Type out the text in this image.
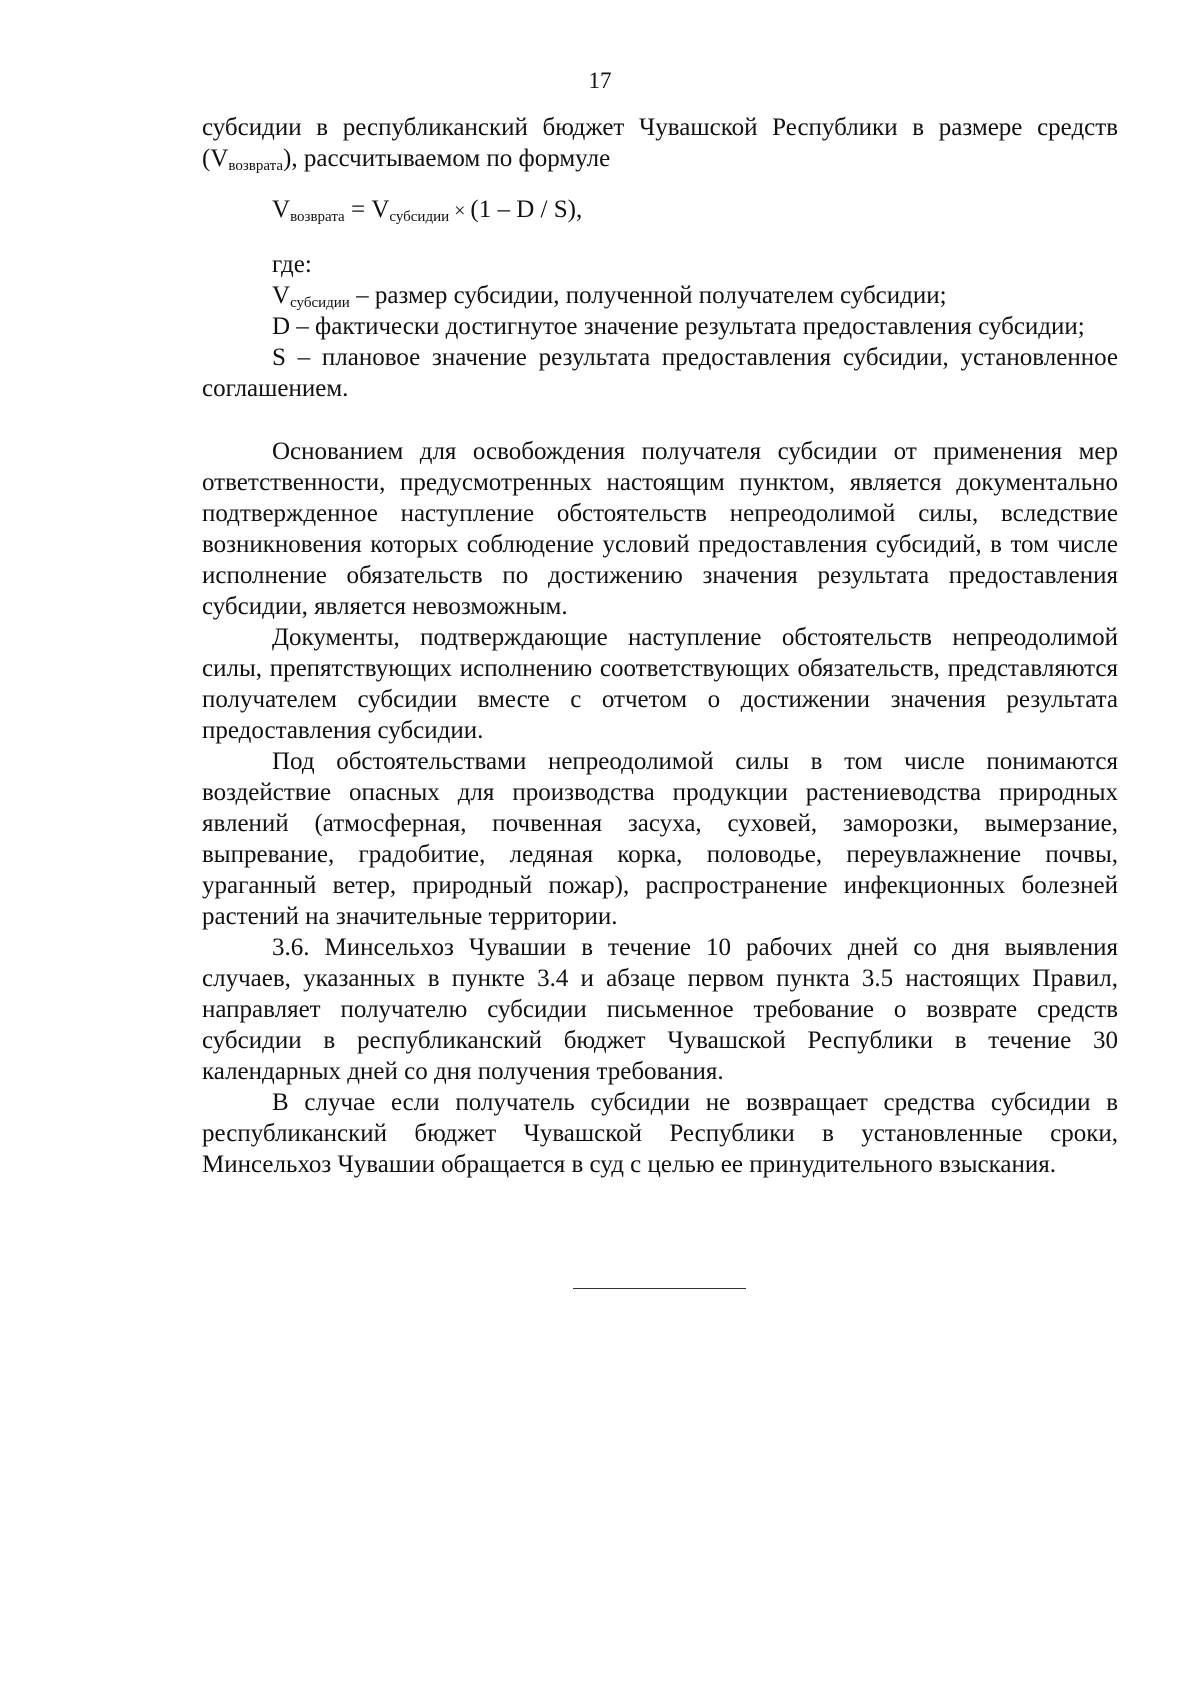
17

субсидии в республиканский бюджет Чувашской Республики в размере средств $(V_{возврата})$, рассчитываемом по формуле

$V_{возврата} = V_{субсидии} \times (1 - D / S)$,

где:

$V_{субсидии}$ – размер субсидии, полученной получателем субсидии;

D – фактически достигнутое значение результата предоставления субсидии;

S – плановое значение результата предоставления субсидии, установленное соглашением.

Основанием для освобождения получателя субсидии от применения мер ответственности, предусмотренных настоящим пунктом, является документально подтвержденное наступление обстоятельств непреодолимой силы, вследствие возникновения которых соблюдение условий предоставления субсидий, в том числе исполнение обязательств по достижению значения результата предоставления субсидии, является невозможным.

Документы, подтверждающие наступление обстоятельств непреодолимой силы, препятствующих исполнению соответствующих обязательств, представляются получателем субсидии вместе с отчетом о достижении значения результата предоставления субсидии.

Под обстоятельствами непреодолимой силы в том числе понимаются воздействие опасных для производства продукции растениеводства природных явлений (атмосферная, почвенная засуха, суховей, заморозки, вымерзание, выпревание, градобитие, ледяная корка, половодье, переувлажнение почвы, ураганный ветер, природный пожар), распространение инфекционных болезней растений на значительные территории.

3.6. Минсельхоз Чувашии в течение 10 рабочих дней со дня выявления случаев, указанных в пункте 3.4 и абзаце первом пункта 3.5 настоящих Правил, направляет получателю субсидии письменное требование о возврате средств субсидии в республиканский бюджет Чувашской Республики в течение 30 календарных дней со дня получения требования.

В случае если получатель субсидии не возвращает средства субсидии в республиканский бюджет Чувашской Республики в установленные сроки, Минсельхоз Чувашии обращается в суд с целью ее принудительного взыскания.
